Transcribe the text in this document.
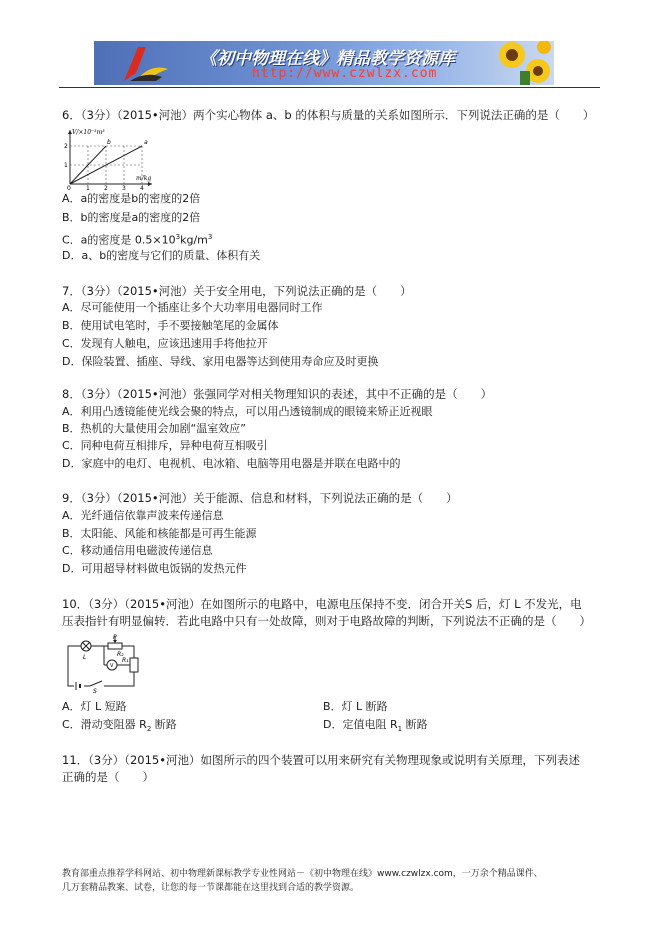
《初中物理在线》精品教学资源库
http://www.czwlzx.com
6．（3分）（2015•河池）两个实心物体 a、b 的体积与质量的关系如图所示．下列说法正确的是（　　）
V/×10⁻³m³
m/kg
2
1
0	1 2 3 4
b	a
A．a的密度是b的密度的2倍
B．b的密度是a的密度的2倍
C．a的密度是 $0.5\times 10^3kg/m^3$
D．a、b的密度与它们的质量、体积有关
7．（3分）（2015•河池）关于安全用电，下列说法正确的是（　　）
A．尽可能使用一个插座让多个大功率用电器同时工作
B．使用试电笔时，手不要接触笔尾的金属体
C．发现有人触电，应该迅速用手将他拉开
D．保险装置、插座、导线、家用电器等达到使用寿命应及时更换
8．（3分）（2015•河池）张强同学对相关物理知识的表述，其中不正确的是（　　）
A．利用凸透镜能使光线会聚的特点，可以用凸透镜制成的眼镜来矫正近视眼
B．热机的大量使用会加剧“温室效应”
C．同种电荷互相排斥，异种电荷互相吸引
D．家庭中的电灯、电视机、电冰箱、电脑等用电器是并联在电路中的
9．（3分）（2015•河池）关于能源、信息和材料，下列说法正确的是（　　）
A．光纤通信依靠声波来传递信息
B．太阳能、风能和核能都是可再生能源
C．移动通信用电磁波传递信息
D．可用超导材料做电饭锅的发热元件
10．（3分）（2015•河池）在如图所示的电路中，电源电压保持不变．闭合开关S 后，灯 L 不发光，电
压表指针有明显偏转．若此电路中只有一处故障，则对于电路故障的判断，下列说法不正确的是（　　）
P
R₂
R₁
L
V
S
A．灯 L 短路	B．灯 L 断路
C．滑动变阻器 $R_2$ 断路	D．定值电阻 $R_1$ 断路
11．（3分）（2015•河池）如图所示的四个装置可以用来研究有关物理现象或说明有关原理，下列表述
正确的是（　　）
教育部重点推荐学科网站、初中物理新课标教学专业性网站－《初中物理在线》www.czwlzx.com，一万余个精品课件、
几万套精品教案、试卷，让您的每一节课都能在这里找到合适的教学资源。
